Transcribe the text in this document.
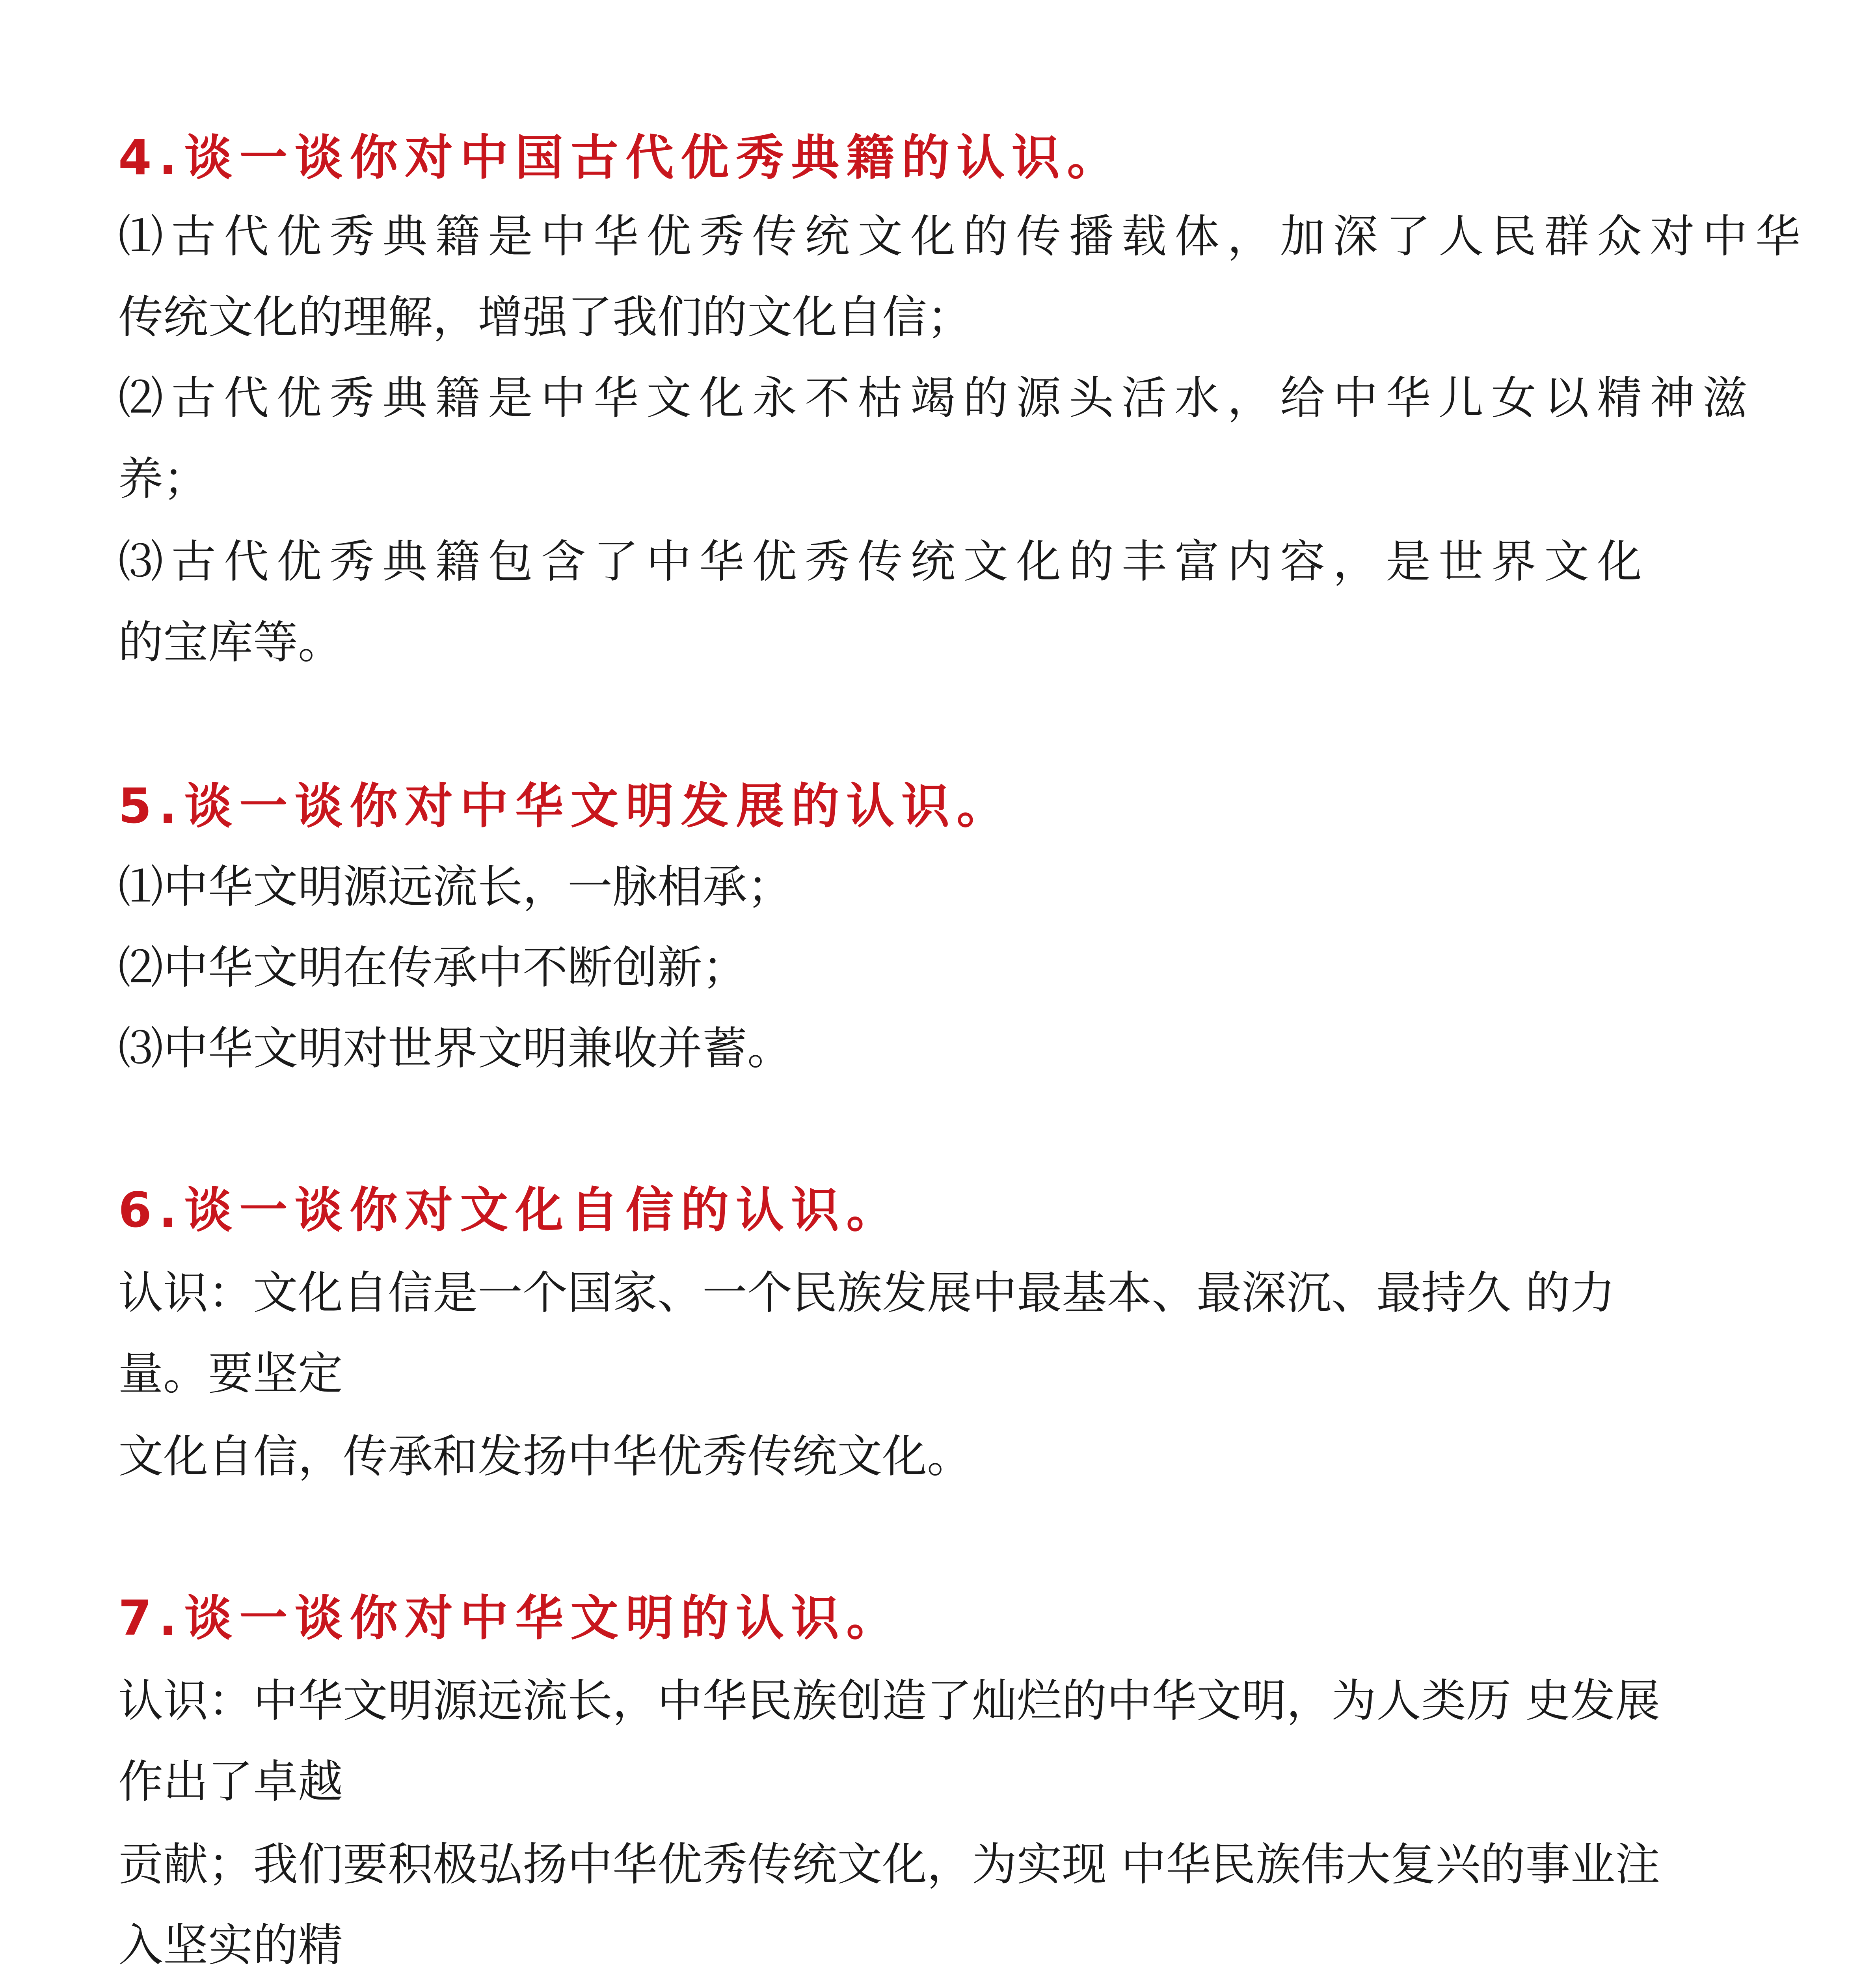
4.谈一谈你对中国古代优秀典籍的认识。
⑴古代优秀典籍是中华优秀传统文化的传播载体，加深了人民群众对中华
传统文化的理解，增强了我们的文化自信；
⑵古代优秀典籍是中华文化永不枯竭的源头活水，给中华儿女以精神滋
养；
⑶古代优秀典籍包含了中华优秀传统文化的丰富内容，是世界文化
的宝库等。
5.谈一谈你对中华文明发展的认识。
⑴中华文明源远流长，一脉相承；
⑵中华文明在传承中不断创新；
⑶中华文明对世界文明兼收并蓄。
6.谈一谈你对文化自信的认识。
认识：文化自信是一个国家、一个民族发展中最基本、最深沉、最持久 的力
量。要坚定
文化自信，传承和发扬中华优秀传统文化。
7.谈一谈你对中华文明的认识。
认识：中华文明源远流长，中华民族创造了灿烂的中华文明，为人类历 史发展
作出了卓越
贡献；我们要积极弘扬中华优秀传统文化，为实现 中华民族伟大复兴的事业注
入坚实的精
